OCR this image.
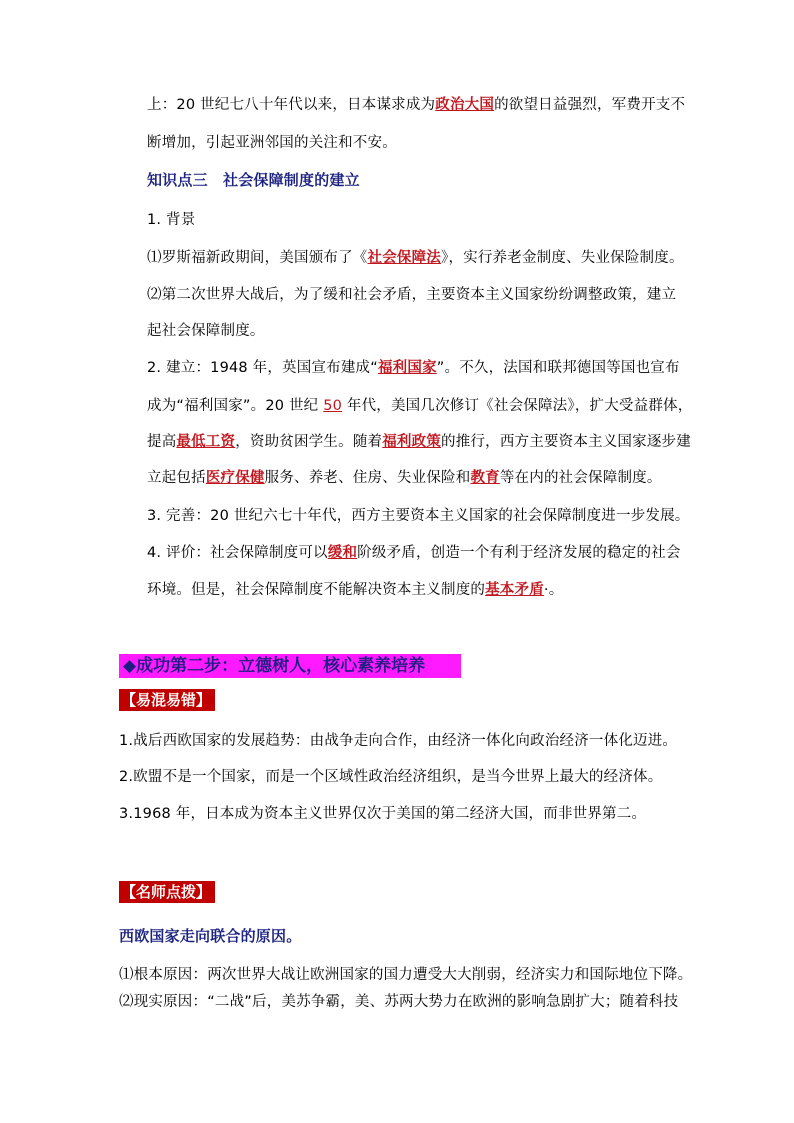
上：20 世纪七八十年代以来，日本谋求成为政治大国的欲望日益强烈，军费开支不
断增加，引起亚洲邻国的关注和不安。
知识点三　社会保障制度的建立
1. 背景
⑴罗斯福新政期间，美国颁布了《社会保障法》，实行养老金制度、失业保险制度。
⑵第二次世界大战后，为了缓和社会矛盾，主要资本主义国家纷纷调整政策，建立
起社会保障制度。
2. 建立：1948 年，英国宣布建成“福利国家”。不久，法国和联邦德国等国也宣布
成为“福利国家”。20 世纪 50 年代，美国几次修订《社会保障法》，扩大受益群体，
提高最低工资，资助贫困学生。随着福利政策的推行，西方主要资本主义国家逐步建
立起包括医疗保健服务、养老、住房、失业保险和教育等在内的社会保障制度。
3. 完善：20 世纪六七十年代，西方主要资本主义国家的社会保障制度进一步发展。
4. 评价：社会保障制度可以缓和阶级矛盾，创造一个有利于经济发展的稳定的社会
环境。但是，社会保障制度不能解决资本主义制度的基本矛盾·。
◆成功第二步：立德树人，核心素养培养
【易混易错】
1.战后西欧国家的发展趋势：由战争走向合作，由经济一体化向政治经济一体化迈进。
2.欧盟不是一个国家，而是一个区域性政治经济组织，是当今世界上最大的经济体。
3.1968 年，日本成为资本主义世界仅次于美国的第二经济大国，而非世界第二。
【名师点拨】
西欧国家走向联合的原因。
⑴根本原因：两次世界大战让欧洲国家的国力遭受大大削弱，经济实力和国际地位下降。
⑵现实原因：“二战”后，美苏争霸，美、苏两大势力在欧洲的影响急剧扩大；随着科技
